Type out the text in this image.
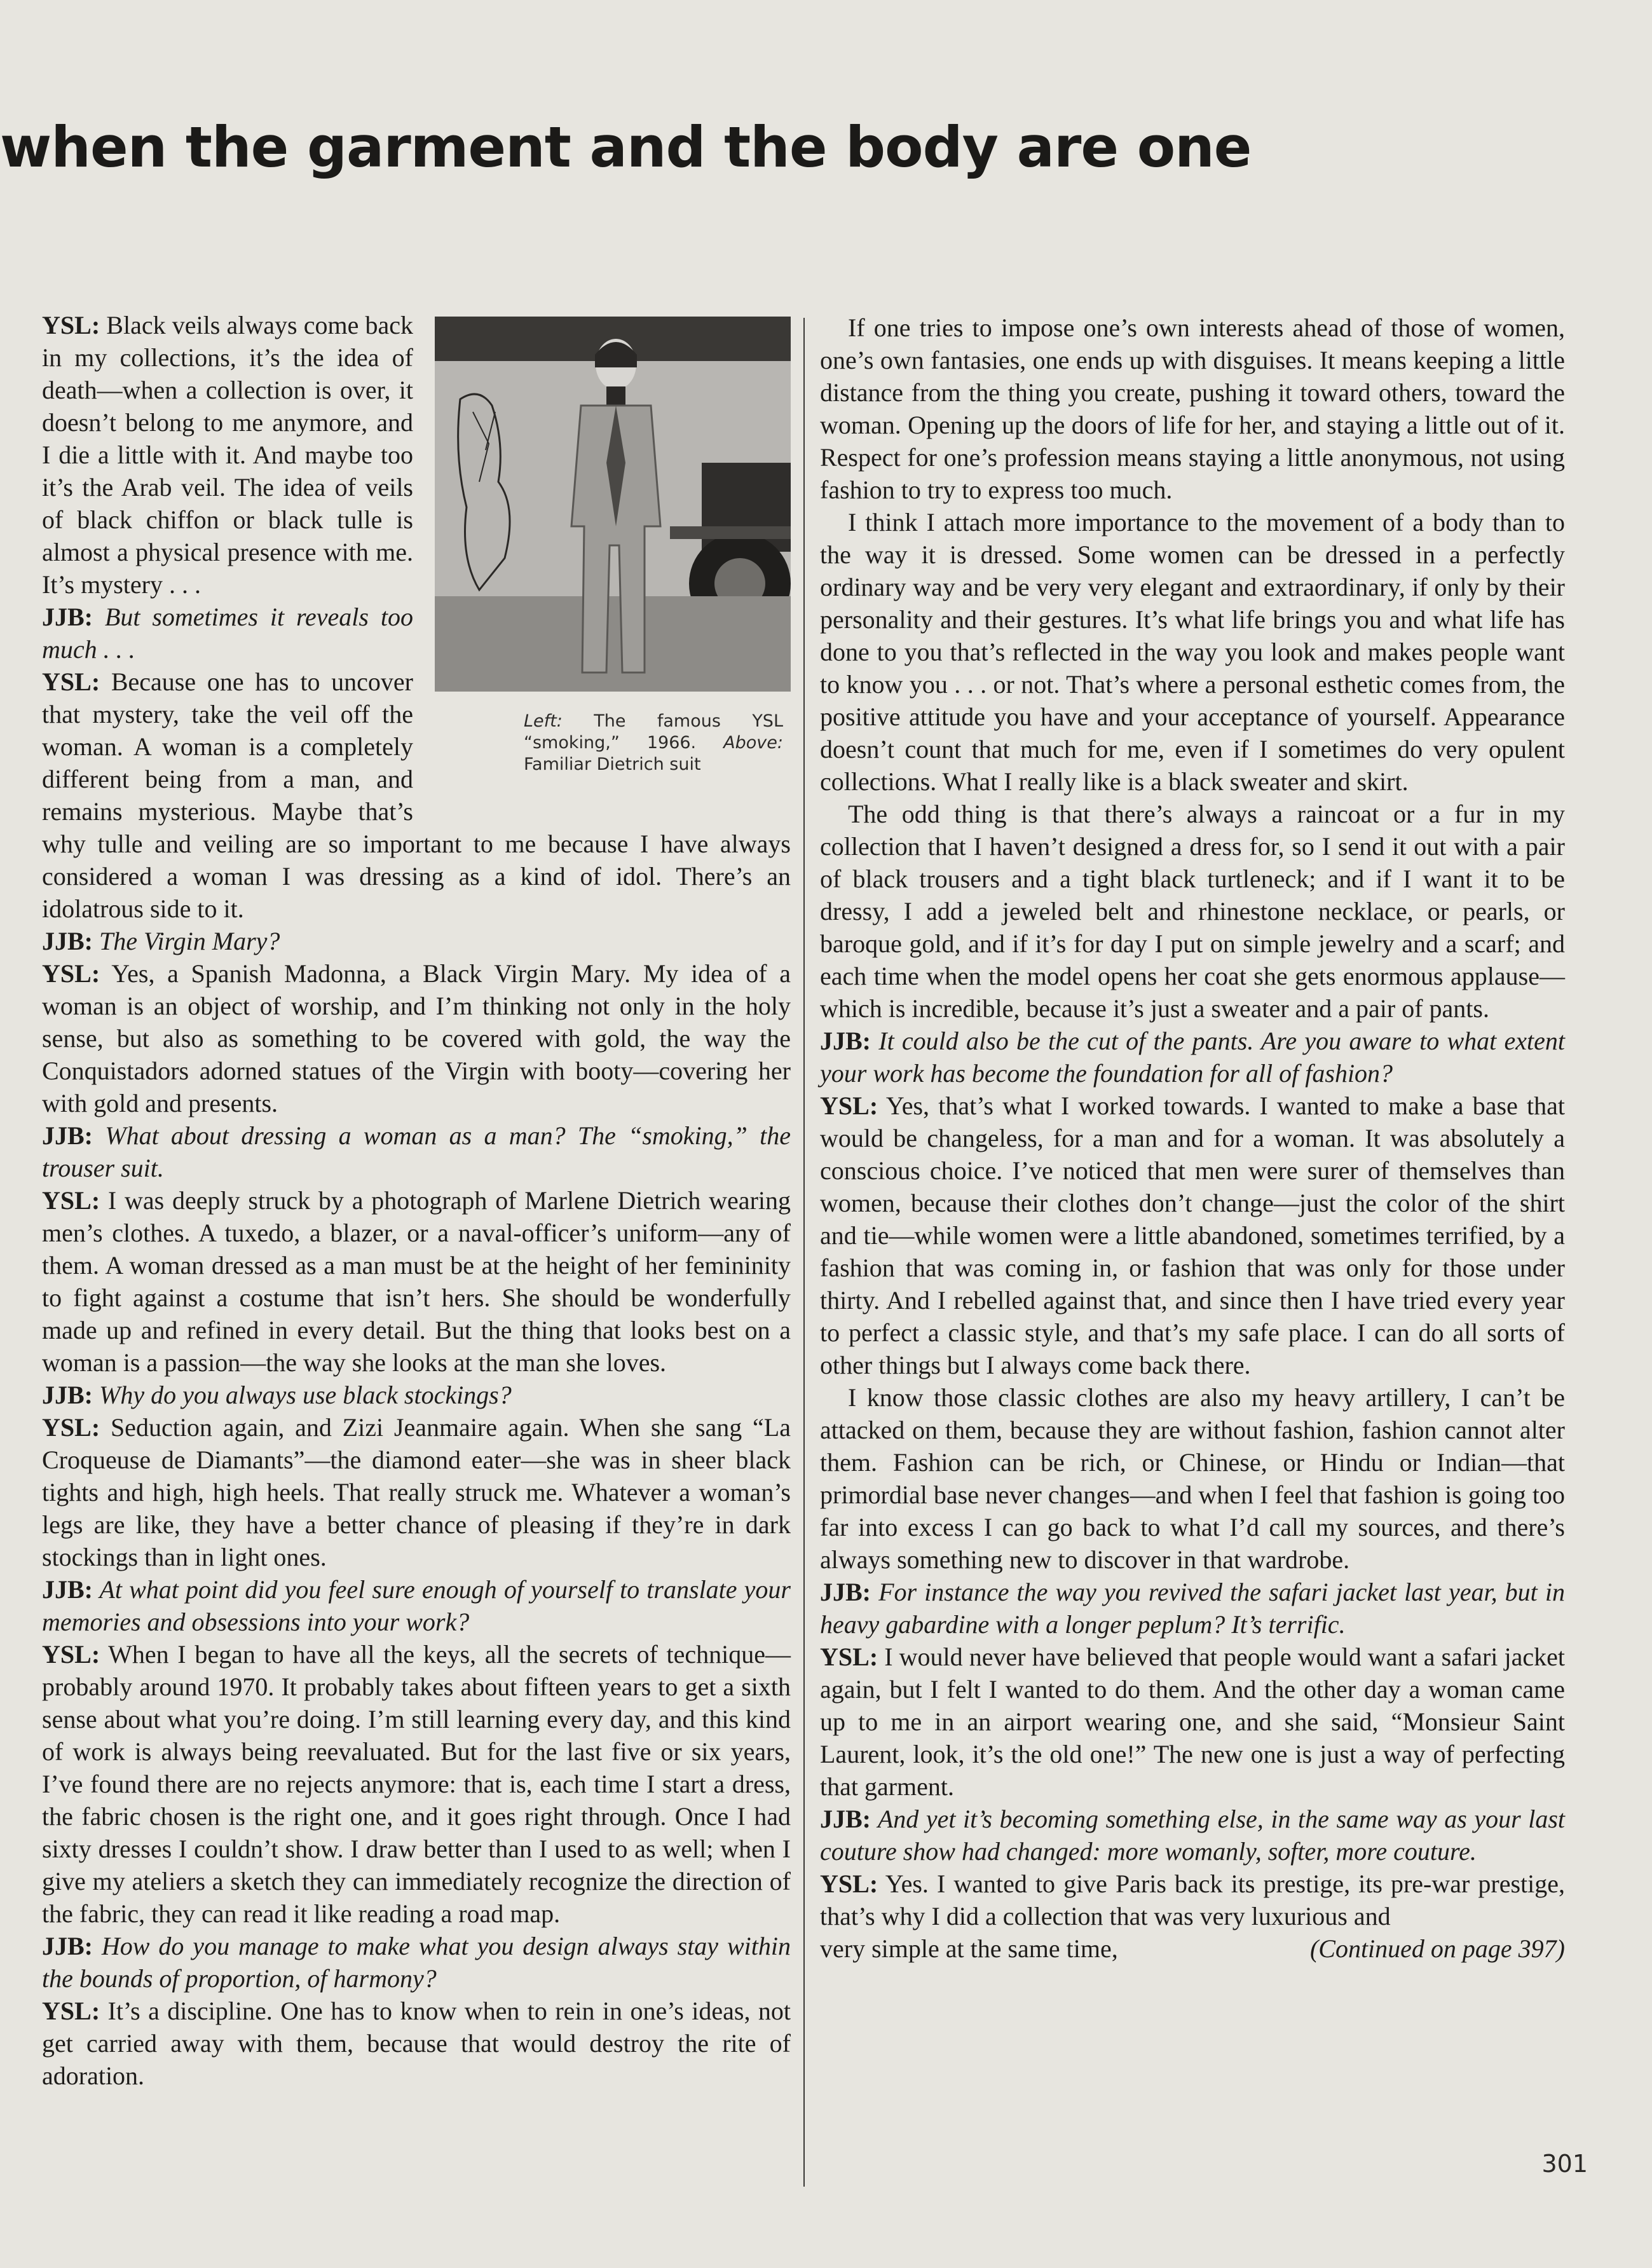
when the garment and the body are one
Left: The famous YSL “smoking,” 1966. Above: Familiar Dietrich suit

YSL: Black veils always come back in my collections, it’s the idea of death—when a collection is over, it doesn’t belong to me anymore, and I die a little with it. And maybe too it’s the Arab veil. The idea of veils of black chiffon or black tulle is almost a physical presence with me. It’s mystery . . .

JJB: But sometimes it reveals too much . . .

YSL: Because one has to uncover that mystery, take the veil off the woman. A woman is a completely different being from a man, and remains mysterious. Maybe that’s why tulle and veiling are so important to me because I have always considered a woman I was dressing as a kind of idol. There’s an idolatrous side to it.

JJB: The Virgin Mary?

YSL: Yes, a Spanish Madonna, a Black Virgin Mary. My idea of a woman is an object of worship, and I’m thinking not only in the holy sense, but also as something to be covered with gold, the way the Conquistadors adorned statues of the Virgin with booty—covering her with gold and presents.

JJB: What about dressing a woman as a man? The “smoking,” the trouser suit.

YSL: I was deeply struck by a photograph of Marlene Dietrich wearing men’s clothes. A tuxedo, a blazer, or a naval-officer’s uniform—any of them. A woman dressed as a man must be at the height of her femininity to fight against a costume that isn’t hers. She should be wonderfully made up and refined in every detail. But the thing that looks best on a woman is a passion—the way she looks at the man she loves.

JJB: Why do you always use black stockings?

YSL: Seduction again, and Zizi Jeanmaire again. When she sang “La Croqueuse de Diamants”—the diamond eater—she was in sheer black tights and high, high heels. That really struck me. Whatever a woman’s legs are like, they have a better chance of pleasing if they’re in dark stockings than in light ones.

JJB: At what point did you feel sure enough of yourself to translate your memories and obsessions into your work?

YSL: When I began to have all the keys, all the secrets of technique—probably around 1970. It probably takes about fifteen years to get a sixth sense about what you’re doing. I’m still learning every day, and this kind of work is always being reevaluated. But for the last five or six years, I’ve found there are no rejects anymore: that is, each time I start a dress, the fabric chosen is the right one, and it goes right through. Once I had sixty dresses I couldn’t show. I draw better than I used to as well; when I give my ateliers a sketch they can immediately recognize the direction of the fabric, they can read it like reading a road map.

JJB: How do you manage to make what you design always stay within the bounds of proportion, of harmony?

YSL: It’s a discipline. One has to know when to rein in one’s ideas, not get carried away with them, because that would destroy the rite of adoration.

If one tries to impose one’s own interests ahead of those of women, one’s own fantasies, one ends up with disguises. It means keeping a little distance from the thing you create, pushing it toward others, toward the woman. Opening up the doors of life for her, and staying a little out of it. Respect for one’s profession means staying a little anonymous, not using fashion to try to express too much.

I think I attach more importance to the movement of a body than to the way it is dressed. Some women can be dressed in a perfectly ordinary way and be very very elegant and extraordinary, if only by their personality and their gestures. It’s what life brings you and what life has done to you that’s reflected in the way you look and makes people want to know you . . . or not. That’s where a personal esthetic comes from, the positive attitude you have and your acceptance of yourself. Appearance doesn’t count that much for me, even if I sometimes do very opulent collections. What I really like is a black sweater and skirt.

The odd thing is that there’s always a raincoat or a fur in my collection that I haven’t designed a dress for, so I send it out with a pair of black trousers and a tight black turtleneck; and if I want it to be dressy, I add a jeweled belt and rhinestone necklace, or pearls, or baroque gold, and if it’s for day I put on simple jewelry and a scarf; and each time when the model opens her coat she gets enormous applause—which is incredible, because it’s just a sweater and a pair of pants.

JJB: It could also be the cut of the pants. Are you aware to what extent your work has become the foundation for all of fashion?

YSL: Yes, that’s what I worked towards. I wanted to make a base that would be changeless, for a man and for a woman. It was absolutely a conscious choice. I’ve noticed that men were surer of themselves than women, because their clothes don’t change—just the color of the shirt and tie—while women were a little abandoned, sometimes terrified, by a fashion that was coming in, or fashion that was only for those under thirty. And I rebelled against that, and since then I have tried every year to perfect a classic style, and that’s my safe place. I can do all sorts of other things but I always come back there.

I know those classic clothes are also my heavy artillery, I can’t be attacked on them, because they are without fashion, fashion cannot alter them. Fashion can be rich, or Chinese, or Hindu or Indian—that primordial base never changes—and when I feel that fashion is going too far into excess I can go back to what I’d call my sources, and there’s always something new to discover in that wardrobe.

JJB: For instance the way you revived the safari jacket last year, but in heavy gabardine with a longer peplum? It’s terrific.

YSL: I would never have believed that people would want a safari jacket again, but I felt I wanted to do them. And the other day a woman came up to me in an airport wearing one, and she said, “Monsieur Saint Laurent, look, it’s the old one!” The new one is just a way of perfecting that garment.

JJB: And yet it’s becoming something else, in the same way as your last couture show had changed: more womanly, softer, more couture.

YSL: Yes. I wanted to give Paris back its prestige, its pre-war prestige, that’s why I did a collection that was very luxurious and

very simple at the same time,	(Continued on page 397)
301
